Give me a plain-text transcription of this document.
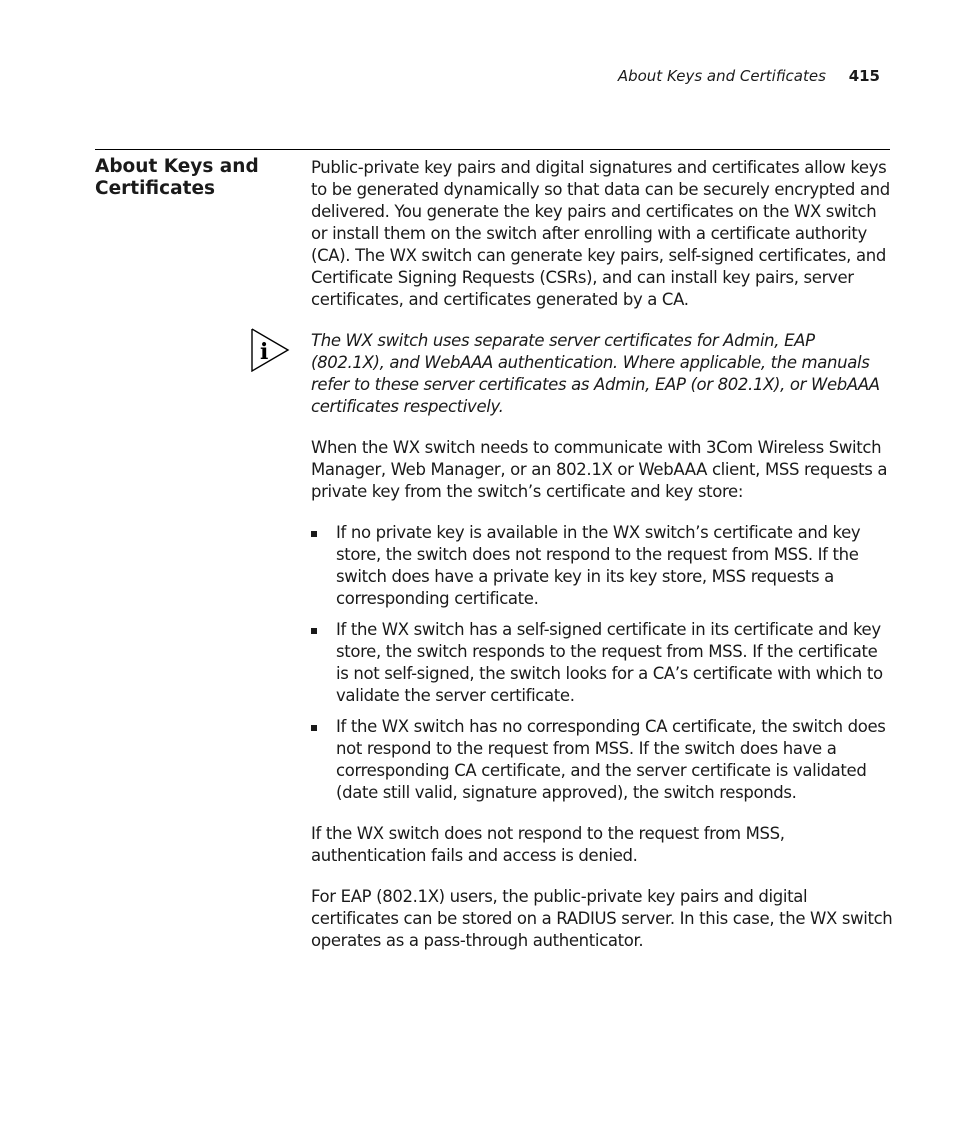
About Keys and Certificates 415
About Keys and Certificates

Public-private key pairs and digital signatures and certificates allow keys to be generated dynamically so that data can be securely encrypted and delivered. You generate the key pairs and certificates on the WX switch or install them on the switch after enrolling with a certificate authority (CA). The WX switch can generate key pairs, self-signed certificates, and Certificate Signing Requests (CSRs), and can install key pairs, server certificates, and certificates generated by a CA.

i	The WX switch uses separate server certificates for Admin, EAP (802.1X), and WebAAA authentication. Where applicable, the manuals refer to these server certificates as Admin, EAP (or 802.1X), or WebAAA certificates respectively.

When the WX switch needs to communicate with 3Com Wireless Switch Manager, Web Manager, or an 802.1X or WebAAA client, MSS requests a private key from the switch’s certificate and key store:

If no private key is available in the WX switch’s certificate and key store, the switch does not respond to the request from MSS. If the switch does have a private key in its key store, MSS requests a corresponding certificate.
If the WX switch has a self-signed certificate in its certificate and key store, the switch responds to the request from MSS. If the certificate is not self-signed, the switch looks for a CA’s certificate with which to validate the server certificate.
If the WX switch has no corresponding CA certificate, the switch does not respond to the request from MSS. If the switch does have a corresponding CA certificate, and the server certificate is validated (date still valid, signature approved), the switch responds.

If the WX switch does not respond to the request from MSS, authentication fails and access is denied.

For EAP (802.1X) users, the public-private key pairs and digital certificates can be stored on a RADIUS server. In this case, the WX switch operates as a pass-through authenticator.
